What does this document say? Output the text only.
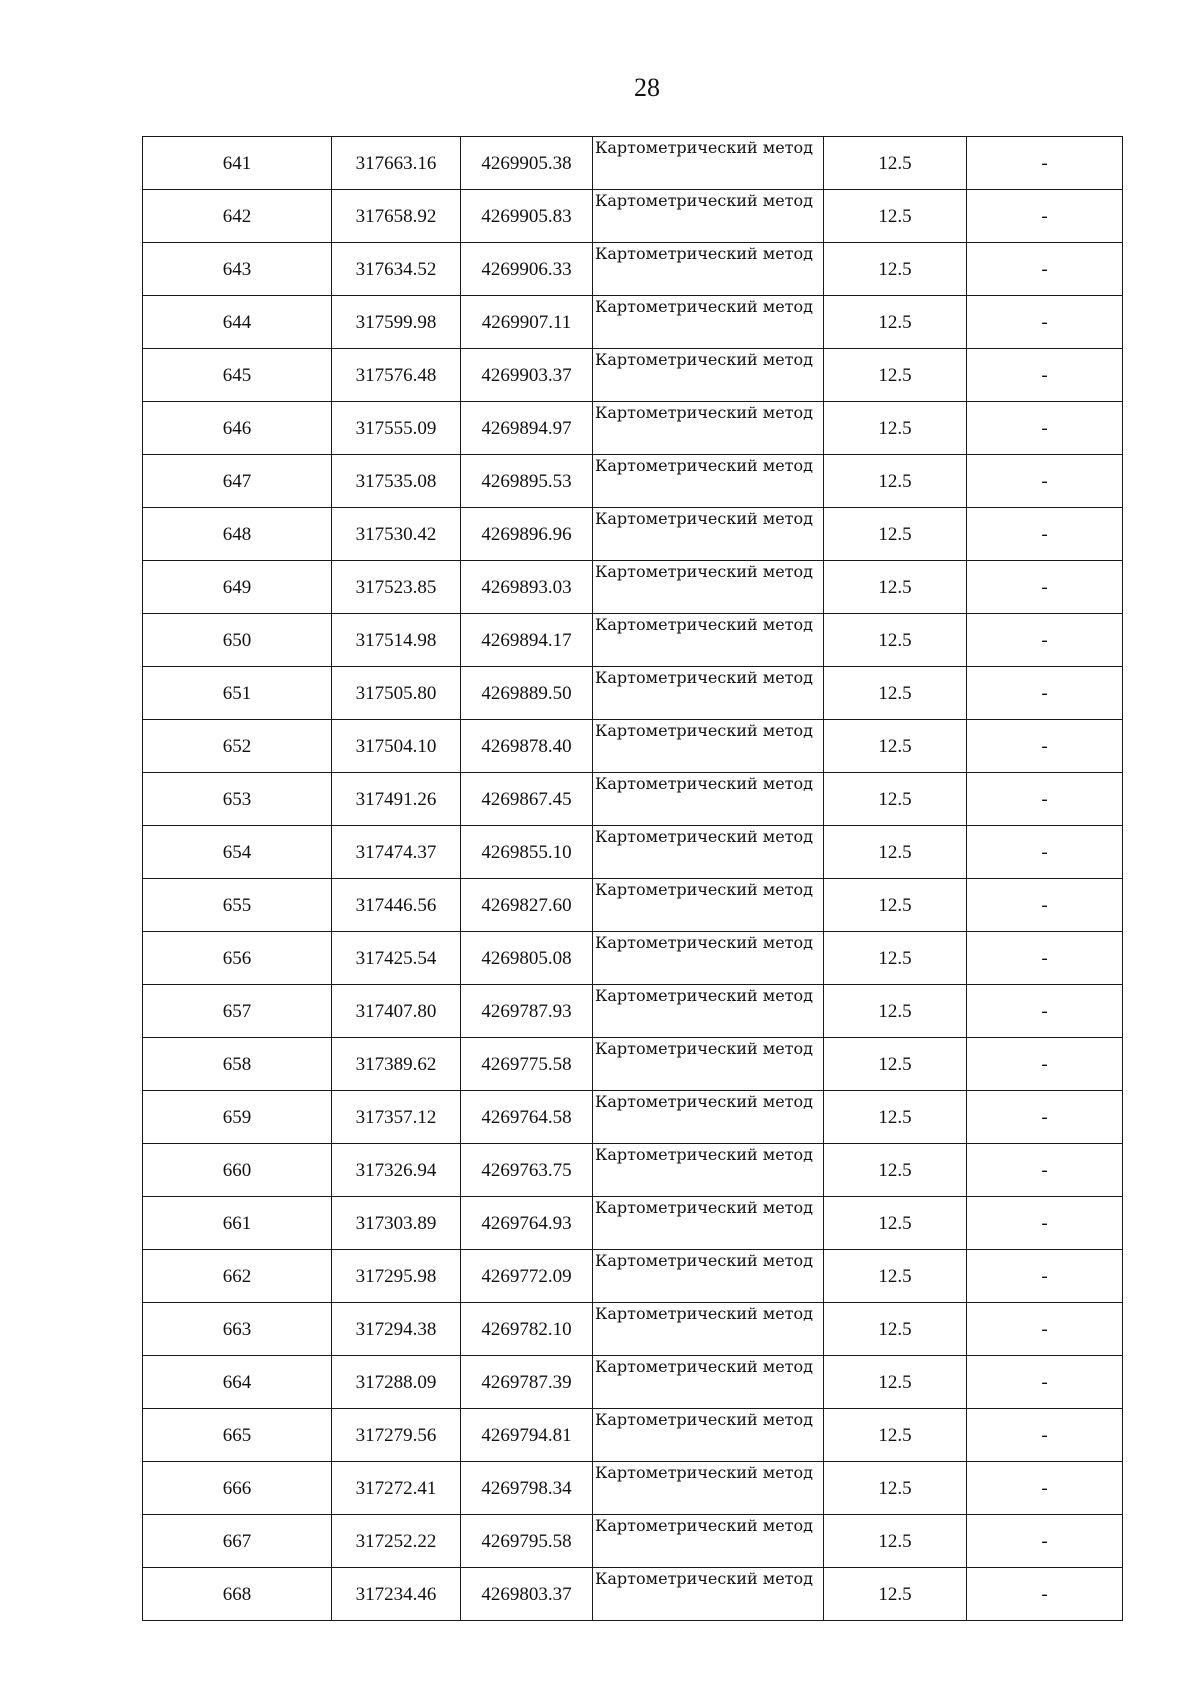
28
641	317663.16	4269905.38	Картометрический метод	12.5	-
642	317658.92	4269905.83	Картометрический метод	12.5	-
643	317634.52	4269906.33	Картометрический метод	12.5	-
644	317599.98	4269907.11	Картометрический метод	12.5	-
645	317576.48	4269903.37	Картометрический метод	12.5	-
646	317555.09	4269894.97	Картометрический метод	12.5	-
647	317535.08	4269895.53	Картометрический метод	12.5	-
648	317530.42	4269896.96	Картометрический метод	12.5	-
649	317523.85	4269893.03	Картометрический метод	12.5	-
650	317514.98	4269894.17	Картометрический метод	12.5	-
651	317505.80	4269889.50	Картометрический метод	12.5	-
652	317504.10	4269878.40	Картометрический метод	12.5	-
653	317491.26	4269867.45	Картометрический метод	12.5	-
654	317474.37	4269855.10	Картометрический метод	12.5	-
655	317446.56	4269827.60	Картометрический метод	12.5	-
656	317425.54	4269805.08	Картометрический метод	12.5	-
657	317407.80	4269787.93	Картометрический метод	12.5	-
658	317389.62	4269775.58	Картометрический метод	12.5	-
659	317357.12	4269764.58	Картометрический метод	12.5	-
660	317326.94	4269763.75	Картометрический метод	12.5	-
661	317303.89	4269764.93	Картометрический метод	12.5	-
662	317295.98	4269772.09	Картометрический метод	12.5	-
663	317294.38	4269782.10	Картометрический метод	12.5	-
664	317288.09	4269787.39	Картометрический метод	12.5	-
665	317279.56	4269794.81	Картометрический метод	12.5	-
666	317272.41	4269798.34	Картометрический метод	12.5	-
667	317252.22	4269795.58	Картометрический метод	12.5	-
668	317234.46	4269803.37	Картометрический метод	12.5	-
